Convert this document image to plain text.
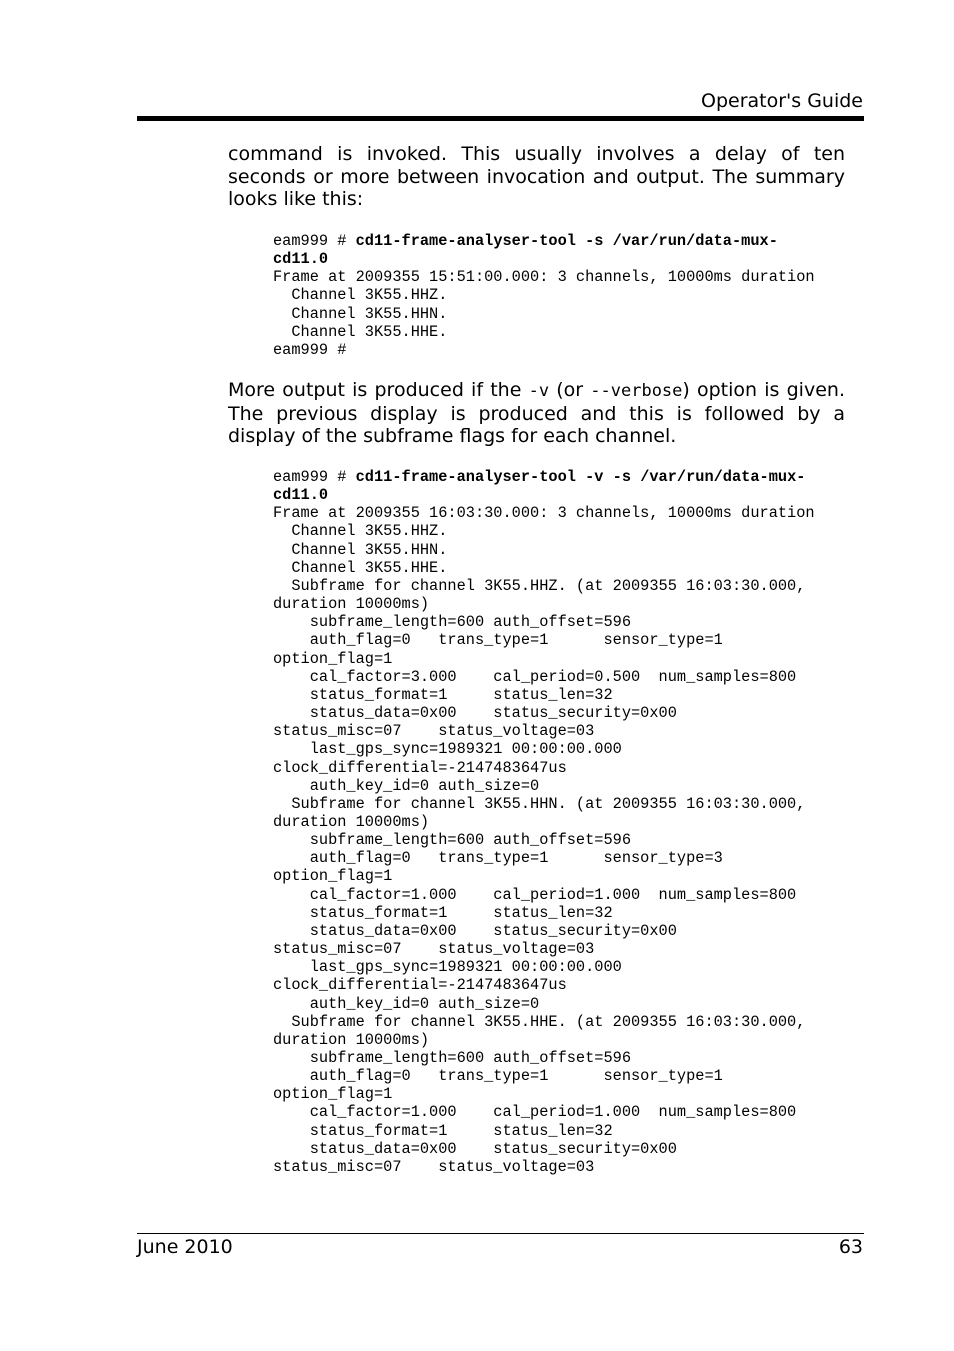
Operator's Guide

command is invoked. This usually involves a delay of ten seconds or more between invocation and output. The summary looks like this:

eam999 # cd11-frame-analyser-tool -s /var/run/data-mux-
cd11.0
Frame at 2009355 15:51:00.000: 3 channels, 10000ms duration
Channel 3K55.HHZ.
Channel 3K55.HHN.
Channel 3K55.HHE.
eam999 #

More output is produced if the -v (or --verbose) option is given. The previous display is produced and this is followed by a display of the subframe flags for each channel.

eam999 # cd11-frame-analyser-tool -v -s /var/run/data-mux-
cd11.0
Frame at 2009355 16:03:30.000: 3 channels, 10000ms duration
Channel 3K55.HHZ.
Channel 3K55.HHN.
Channel 3K55.HHE.
Subframe for channel 3K55.HHZ. (at 2009355 16:03:30.000,
duration 10000ms)
subframe_length=600 auth_offset=596
auth_flag=0   trans_type=1      sensor_type=1
option_flag=1
cal_factor=3.000    cal_period=0.500  num_samples=800
status_format=1     status_len=32
status_data=0x00    status_security=0x00
status_misc=07    status_voltage=03
last_gps_sync=1989321 00:00:00.000
clock_differential=-2147483647us
auth_key_id=0 auth_size=0
Subframe for channel 3K55.HHN. (at 2009355 16:03:30.000,
duration 10000ms)
subframe_length=600 auth_offset=596
auth_flag=0   trans_type=1      sensor_type=3
option_flag=1
cal_factor=1.000    cal_period=1.000  num_samples=800
status_format=1     status_len=32
status_data=0x00    status_security=0x00
status_misc=07    status_voltage=03
last_gps_sync=1989321 00:00:00.000
clock_differential=-2147483647us
auth_key_id=0 auth_size=0
Subframe for channel 3K55.HHE. (at 2009355 16:03:30.000,
duration 10000ms)
subframe_length=600 auth_offset=596
auth_flag=0   trans_type=1      sensor_type=1
option_flag=1
cal_factor=1.000    cal_period=1.000  num_samples=800
status_format=1     status_len=32
status_data=0x00    status_security=0x00
status_misc=07    status_voltage=03
June 2010	63
